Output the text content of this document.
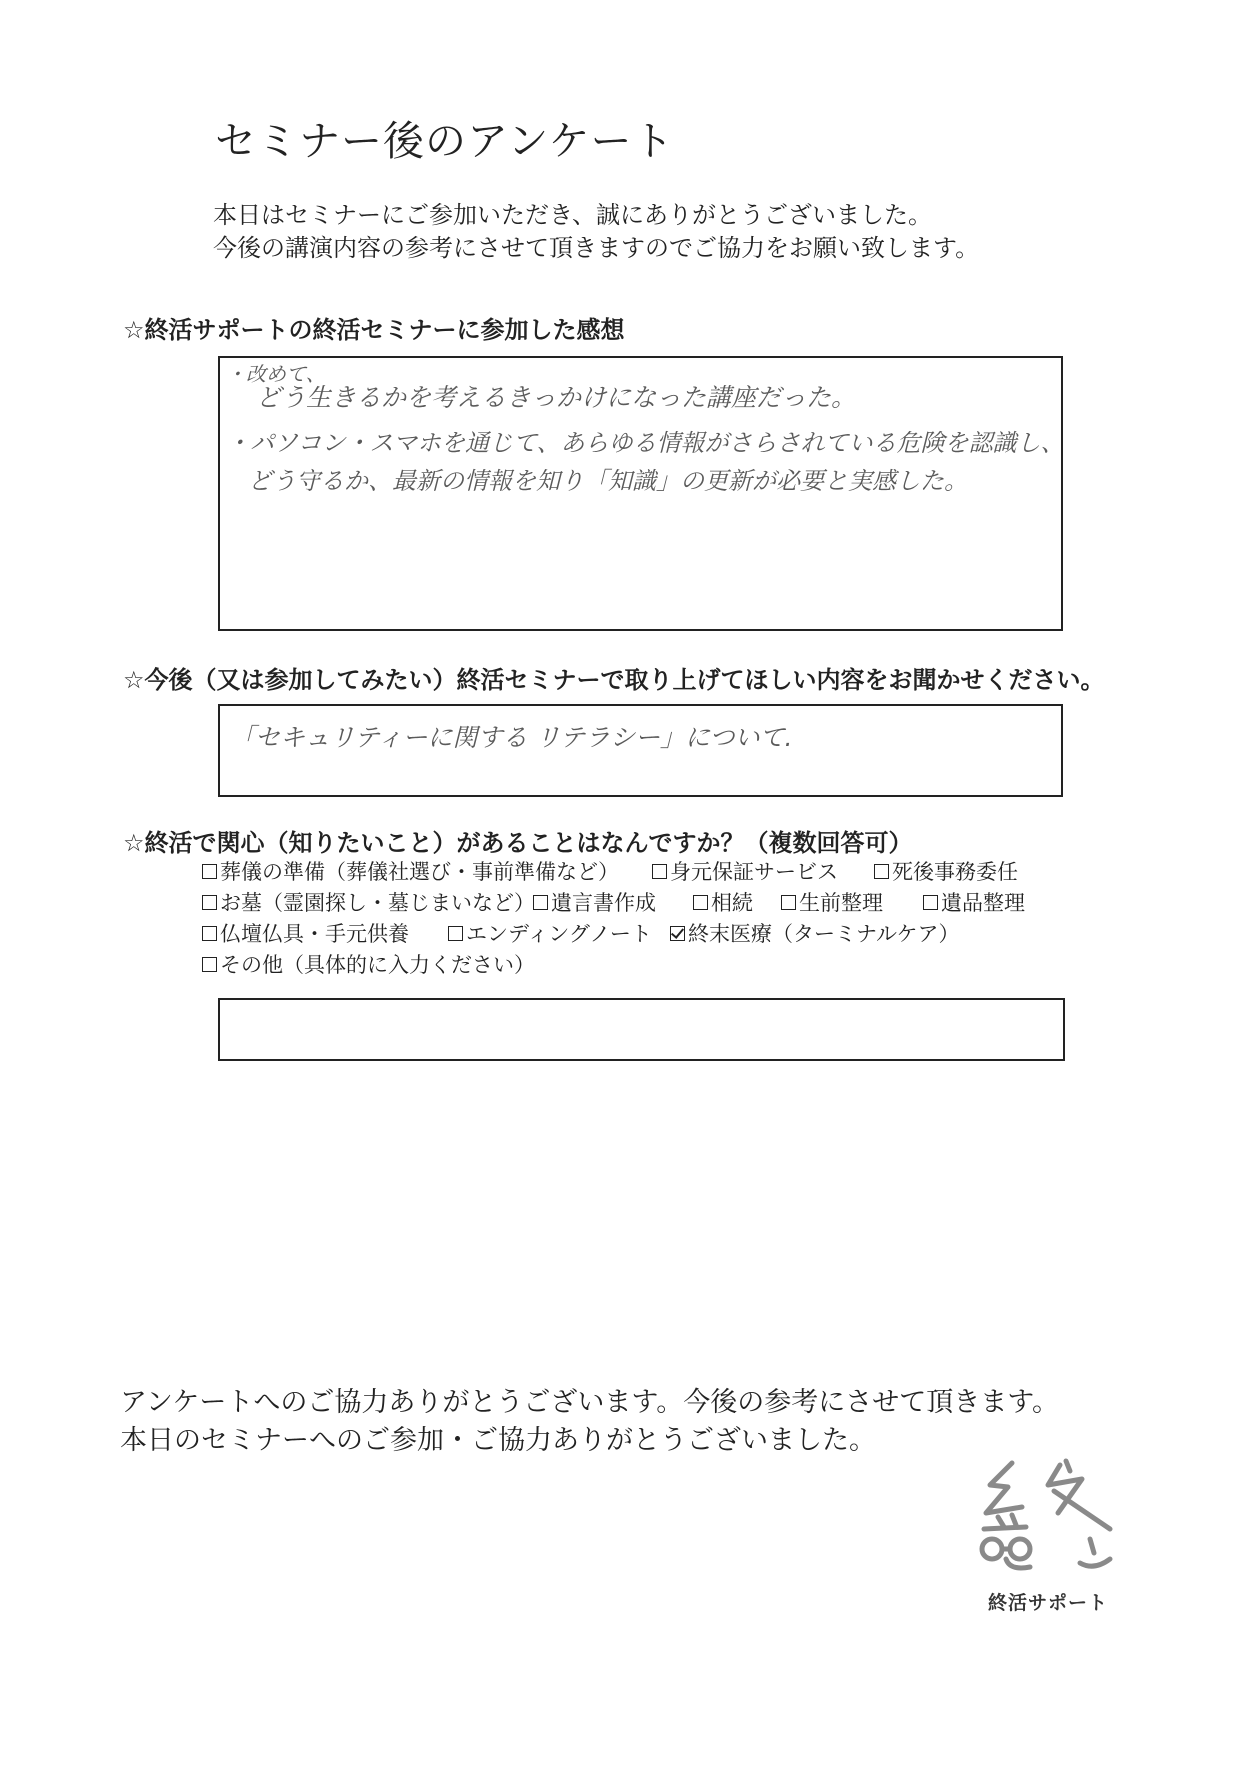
セミナー後のアンケート
本日はセミナーにご参加いただき、誠にありがとうございました。
今後の講演内容の参考にさせて頂きますのでご協力をお願い致します。
☆終活サポートの終活セミナーに参加した感想
・改めて、
どう生きるかを考えるきっかけになった講座だった。
・パソコン・スマホを通じて、あらゆる情報がさらされている危険を認識し、
どう守るか、最新の情報を知り「知識」の更新が必要と実感した。
☆今後（又は参加してみたい）終活セミナーで取り上げてほしい内容をお聞かせください。
「セキュリティーに関する リテラシー」について.
☆終活で関心（知りたいこと）があることはなんですか？（複数回答可）
葬儀の準備（葬儀社選び・事前準備など） 身元保証サービス	死後事務委任
お墓（霊園探し・墓じまいなど） 遺言書作成	相続 生前整理	遺品整理
仏壇仏具・手元供養	エンディングノート 終末医療（ターミナルケア）
その他（具体的に入力ください）
アンケートへのご協力ありがとうございます。今後の参考にさせて頂きます。
本日のセミナーへのご参加・ご協力ありがとうございました。
終活サポート
